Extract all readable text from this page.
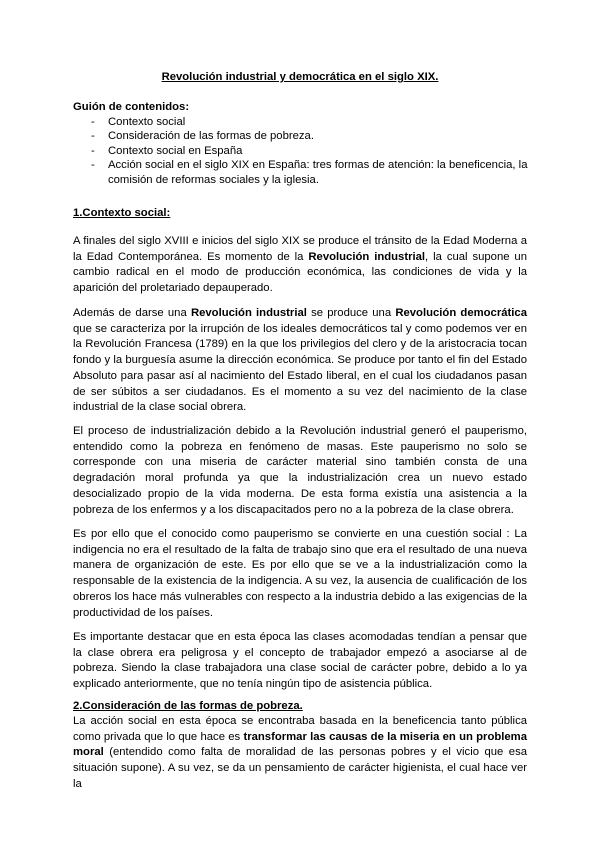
Revolución industrial y democrática en el siglo XIX.
Guión de contenidos:
- Contexto social
- Consideración de las formas de pobreza.
- Contexto social en España
- Acción social en el siglo XIX en España: tres formas de atención: la beneficencia, la comisión de reformas sociales y la iglesia.
1.Contexto social:

A finales del siglo XVIII e inicios del siglo XIX se produce el tránsito de la Edad Moderna a la Edad Contemporánea. Es momento de la Revolución industrial, la cual supone un cambio radical en el modo de producción económica, las condiciones de vida y la aparición del proletariado depauperado.

Además de darse una Revolución industrial se produce una Revolución democrática que se caracteriza por la irrupción de los ideales democráticos tal y como podemos ver en la Revolución Francesa (1789) en la que los privilegios del clero y de la aristocracia tocan fondo y la burguesía asume la dirección económica. Se produce por tanto el fin del Estado Absoluto para pasar así al nacimiento del Estado liberal, en el cual los ciudadanos pasan de ser súbitos a ser ciudadanos. Es el momento a su vez del nacimiento de la clase industrial de la clase social obrera.

El proceso de industrialización debido a la Revolución industrial generó el pauperismo, entendido como la pobreza en fenómeno de masas. Este pauperismo no solo se corresponde con una miseria de carácter material sino también consta de una degradación moral profunda ya que la industrialización crea un nuevo estado desocializado propio de la vida moderna. De esta forma existía una asistencia a la pobreza de los enfermos y a los discapacitados pero no a la pobreza de la clase obrera.

Es por ello que el conocido como pauperismo se convierte en una cuestión social : La indigencia no era el resultado de la falta de trabajo sino que era el resultado de una nueva manera de organización de este. Es por ello que se ve a la industrialización como la responsable de la existencia de la indigencia. A su vez, la ausencia de cualificación de los obreros los hace más vulnerables con respecto a la industria debido a las exigencias de la productividad de los países.

Es importante destacar que en esta época las clases acomodadas tendían a pensar que la clase obrera era peligrosa y el concepto de trabajador empezó a asociarse al de pobreza. Siendo la clase trabajadora una clase social de carácter pobre, debido a lo ya explicado anteriormente, que no tenía ningún tipo de asistencia pública.

2.Consideración de las formas de pobreza.

La acción social en esta época se encontraba basada en la beneficencia tanto pública como privada que lo que hace es transformar las causas de la miseria en un problema moral (entendido como falta de moralidad de las personas pobres y el vicio que esa situación supone). A su vez, se da un pensamiento de carácter higienista, el cual hace ver la
